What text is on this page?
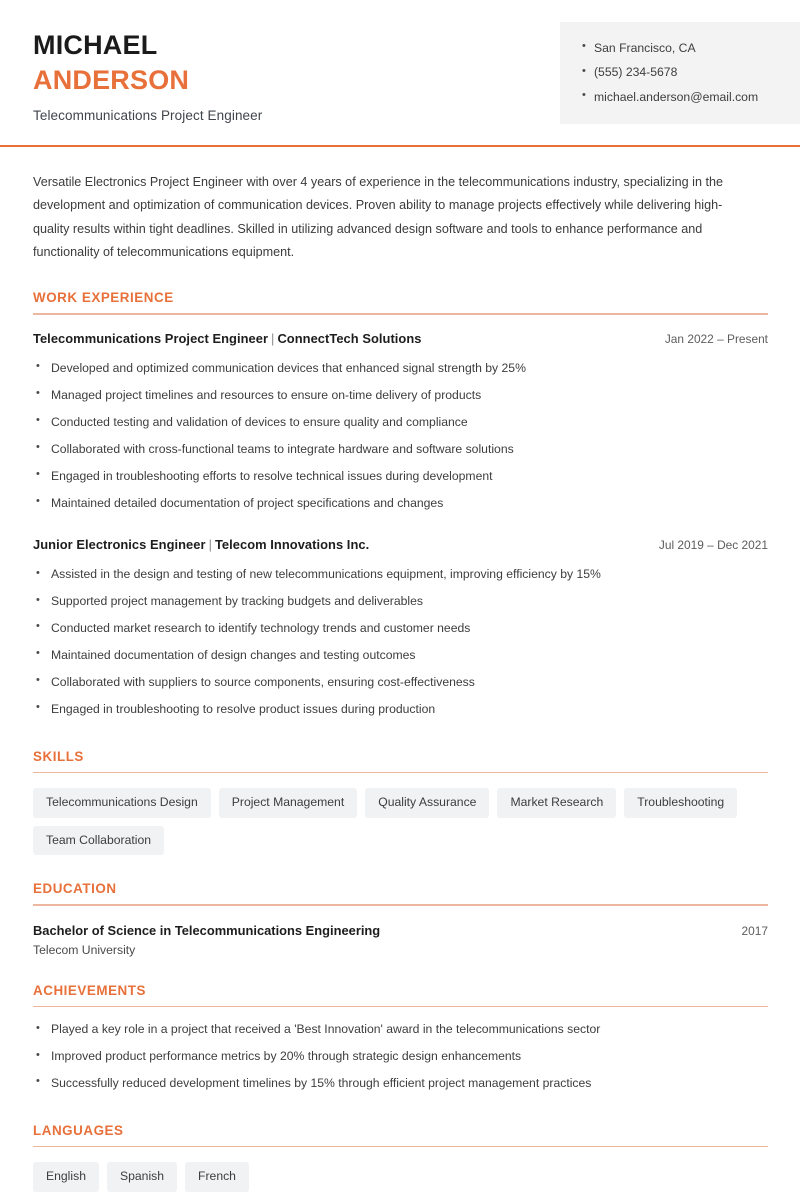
MICHAEL
ANDERSON
Telecommunications Project Engineer
• San Francisco, CA
• (555) 234-5678
• michael.anderson@email.com

Versatile Electronics Project Engineer with over 4 years of experience in the telecommunications industry, specializing in the development and optimization of communication devices. Proven ability to manage projects effectively while delivering high-quality results within tight deadlines. Skilled in utilizing advanced design software and tools to enhance performance and functionality of telecommunications equipment.

WORK EXPERIENCE
Telecommunications Project Engineer | ConnectTech Solutions	Jan 2022 – Present
• Developed and optimized communication devices that enhanced signal strength by 25%
• Managed project timelines and resources to ensure on-time delivery of products
• Conducted testing and validation of devices to ensure quality and compliance
• Collaborated with cross-functional teams to integrate hardware and software solutions
• Engaged in troubleshooting efforts to resolve technical issues during development
• Maintained detailed documentation of project specifications and changes
Junior Electronics Engineer | Telecom Innovations Inc.	Jul 2019 – Dec 2021
• Assisted in the design and testing of new telecommunications equipment, improving efficiency by 15%
• Supported project management by tracking budgets and deliverables
• Conducted market research to identify technology trends and customer needs
• Maintained documentation of design changes and testing outcomes
• Collaborated with suppliers to source components, ensuring cost-effectiveness
• Engaged in troubleshooting to resolve product issues during production
SKILLS
Telecommunications Design	Project Management	Quality Assurance	Market Research	Troubleshooting
Team Collaboration
EDUCATION
Bachelor of Science in Telecommunications Engineering	2017
Telecom University
ACHIEVEMENTS
• Played a key role in a project that received a 'Best Innovation' award in the telecommunications sector
• Improved product performance metrics by 20% through strategic design enhancements
• Successfully reduced development timelines by 15% through efficient project management practices
LANGUAGES
English	Spanish	French
